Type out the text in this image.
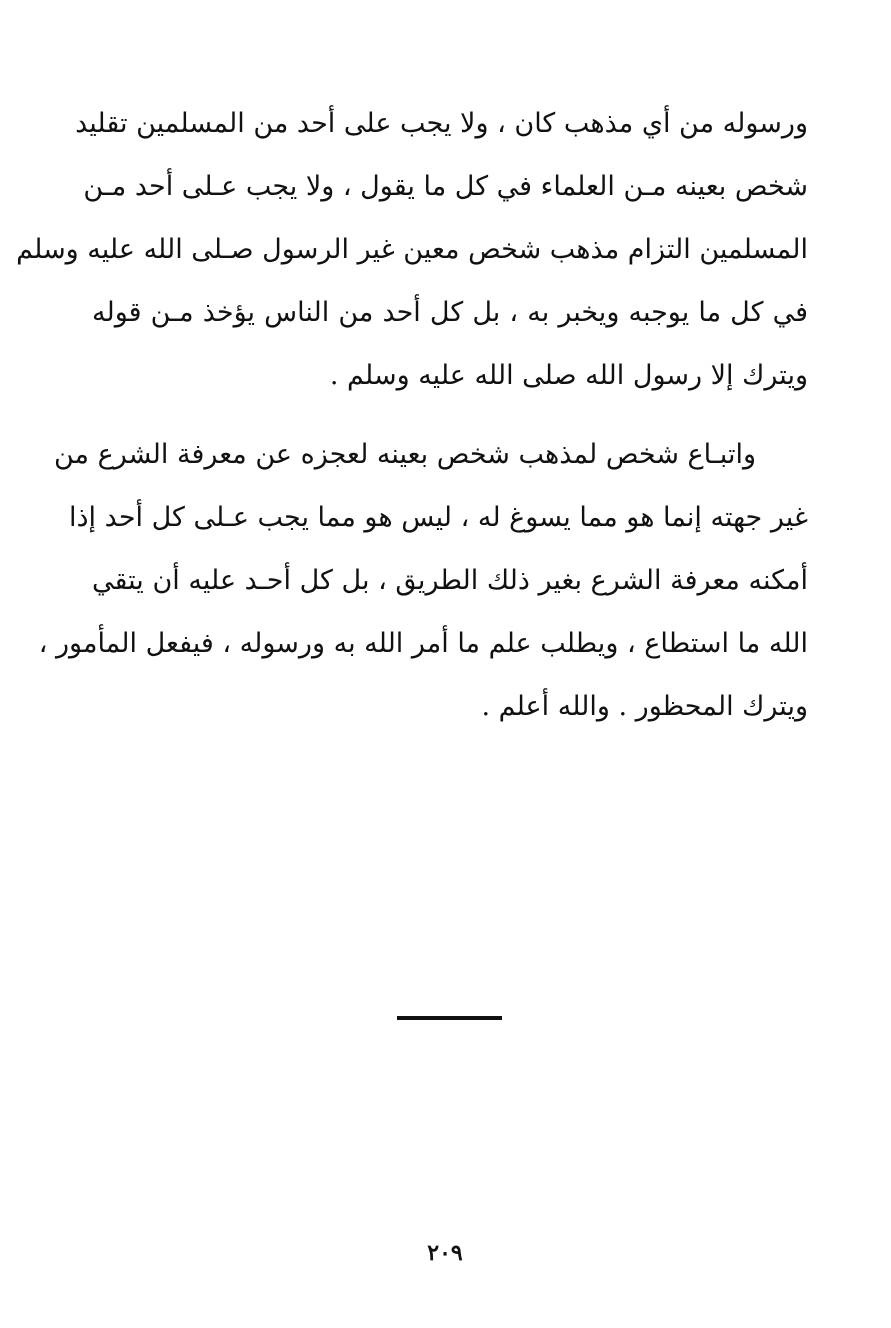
ورسوله من أي مذهب كان ، ولا يجب على أحد من المسلمين تقليد
شخص بعينه مـن العلماء في كل ما يقول ، ولا يجب عـلى أحد مـن
المسلمين التزام مذهب شخص معين غير الرسول صـلى الله عليه وسلم
في كل ما يوجبه ويخبر به ، بل كل أحد من الناس يؤخذ مـن قوله
ويترك إلا رسول الله صلى الله عليه وسلم .
واتبـاع شخص لمذهب شخص بعينه لعجزه عن معرفة الشرع من
غير جهته إنما هو مما يسوغ له ، ليس هو مما يجب عـلى كل أحد إذا
أمكنه معرفة الشرع بغير ذلك الطريق ، بل كل أحـد عليه أن يتقي
الله ما استطاع ، ويطلب علم ما أمر الله به ورسوله ، فيفعل المأمور ،
ويترك المحظور . والله أعلم .
٢٠٩
